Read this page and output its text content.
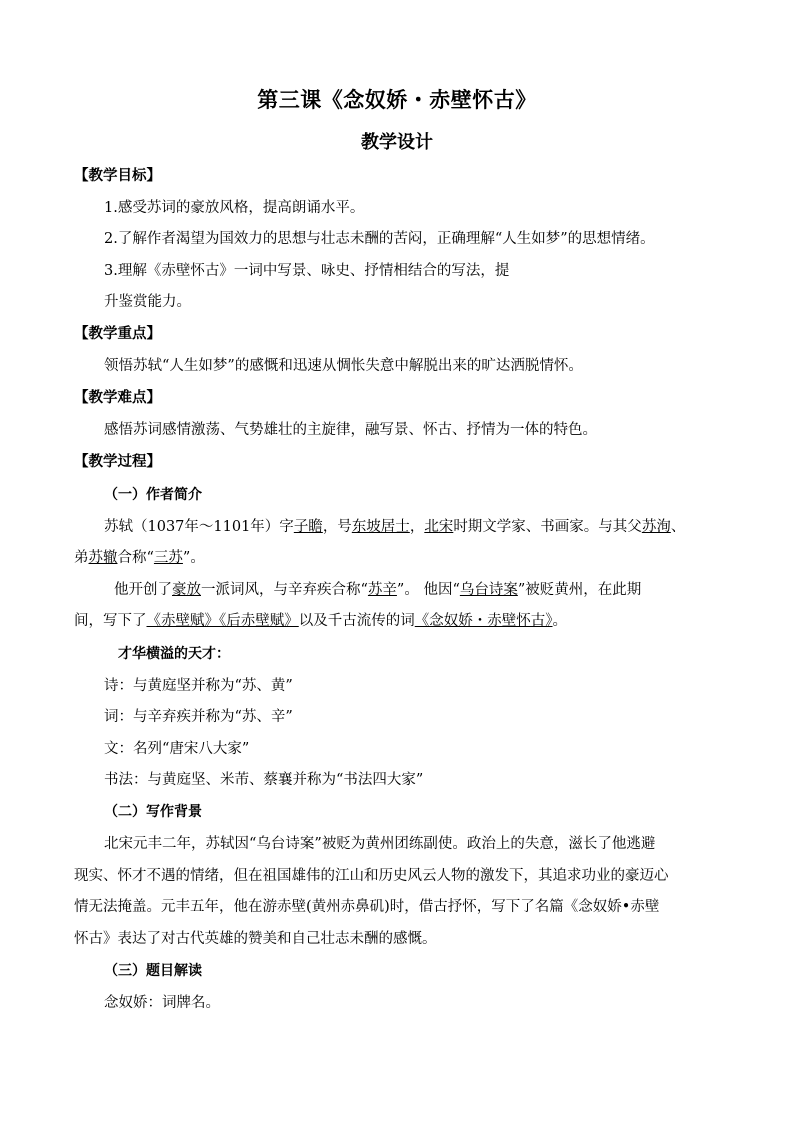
第三课《念奴娇・赤壁怀古》
教学设计
【教学目标】
1.感受苏词的豪放风格，提高朗诵水平。
2.了解作者渴望为国效力的思想与壮志未酬的苦闷，正确理解“人生如梦”的思想情绪。
3.理解《赤壁怀古》一词中写景、咏史、抒情相结合的写法，提
升鉴赏能力。
【教学重点】
领悟苏轼“人生如梦”的感慨和迅速从惆怅失意中解脱出来的旷达洒脱情怀。
【教学难点】
感悟苏词感情激荡、气势雄壮的主旋律，融写景、怀古、抒情为一体的特色。
【教学过程】
（一）作者简介
苏轼（1037年～1101年）字子瞻，号东坡居士，北宋时期文学家、书画家。与其父苏洵、
弟苏辙合称“三苏”。
他开创了豪放一派词风，与辛弃疾合称“苏辛”。 他因“乌台诗案”被贬黄州，在此期
间，写下了《赤壁赋》《后赤壁赋》以及千古流传的词《念奴娇・赤壁怀古》。
才华横溢的天才：
诗：与黄庭坚并称为“苏、黄”
词：与辛弃疾并称为“苏、辛”
文：名列“唐宋八大家”
书法：与黄庭坚、米芾、蔡襄并称为“书法四大家”
（二）写作背景
北宋元丰二年，苏轼因“乌台诗案”被贬为黄州团练副使。政治上的失意，滋长了他逃避
现实、怀才不遇的情绪，但在祖国雄伟的江山和历史风云人物的激发下，其追求功业的豪迈心
情无法掩盖。元丰五年，他在游赤壁(黄州赤鼻矶)时，借古抒怀，写下了名篇《念奴娇•赤壁
怀古》表达了对古代英雄的赞美和自己壮志未酬的感慨。
（三）题目解读
念奴娇：词牌名。
